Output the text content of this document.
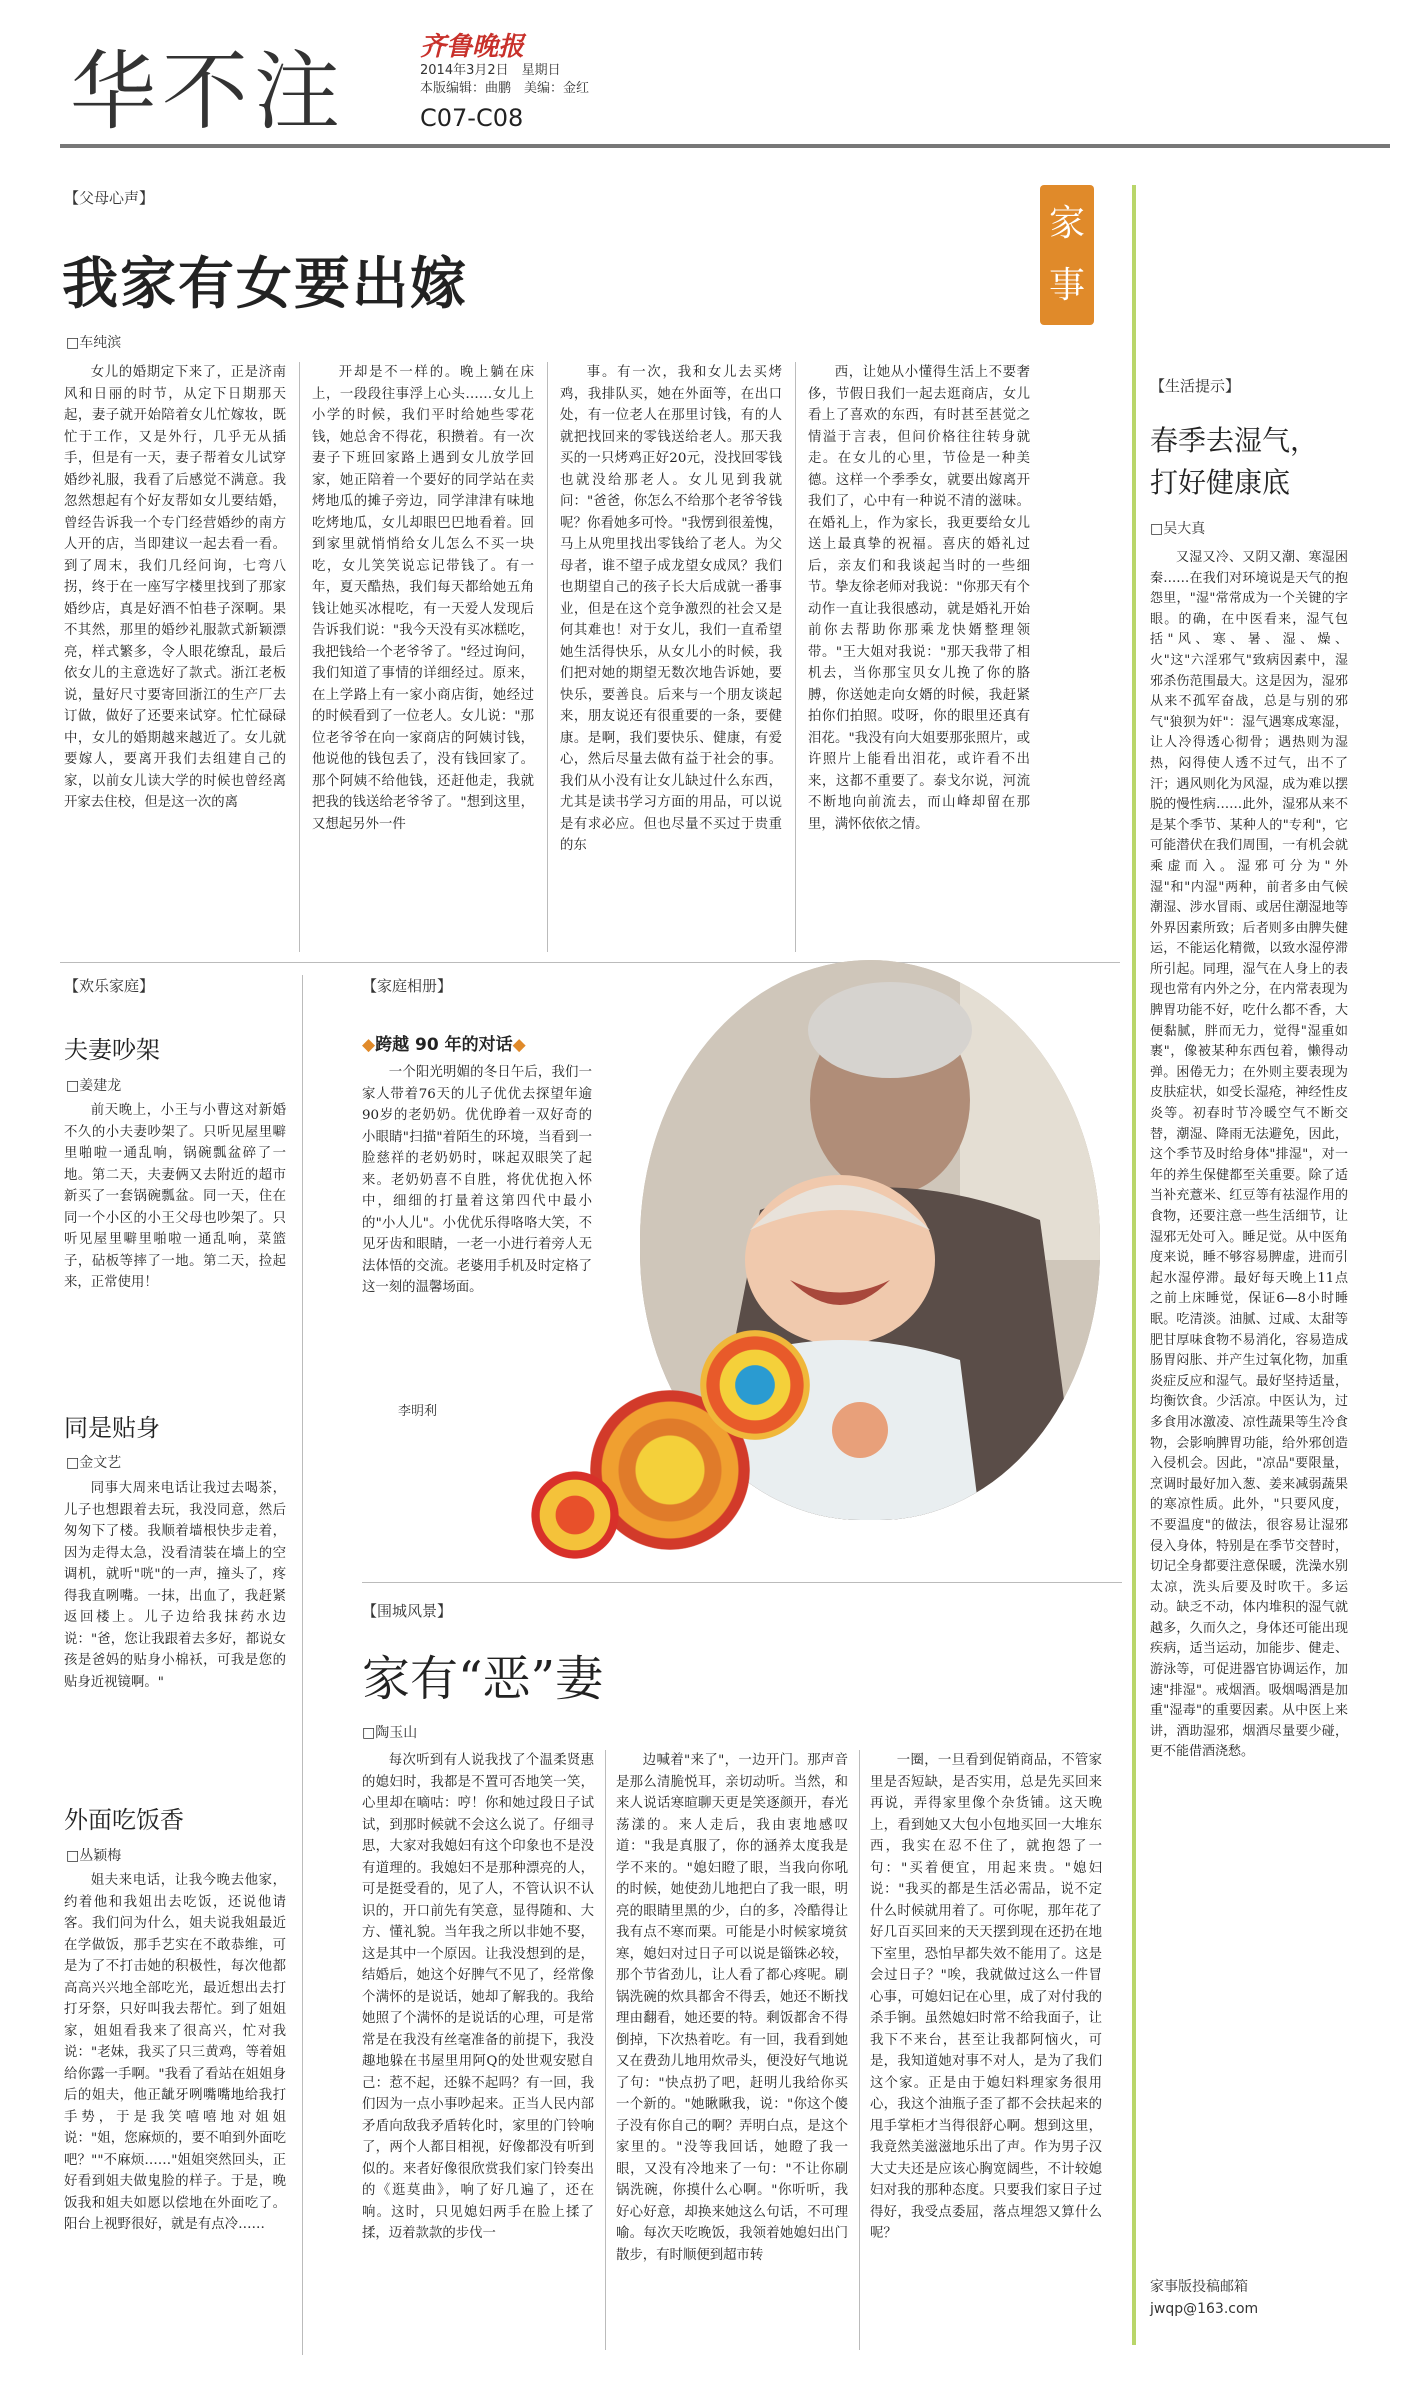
华不注	齐鲁晚报
2014年3月2日　星期日
本版编辑：曲鹏　美编：金红
C07-C08
【父母心声】
我家有女要出嫁
□车纯滨
家事
女儿的婚期定下来了，正是济南风和日丽的时节，从定下日期那天起，妻子就开始陪着女儿忙嫁妆，既忙于工作，又是外行，几乎无从插手，但是有一天，妻子帮着女儿试穿婚纱礼服，我看了后感觉不满意。我忽然想起有个好友帮如女儿要结婚，曾经告诉我一个专门经营婚纱的南方人开的店，当即建议一起去看一看。到了周末，我们几经问询，七弯八拐，终于在一座写字楼里找到了那家婚纱店，真是好酒不怕巷子深啊。果不其然，那里的婚纱礼服款式新颖漂亮，样式繁多，令人眼花缭乱，最后依女儿的主意选好了款式。浙江老板说，量好尺寸要寄回浙江的生产厂去订做，做好了还要来试穿。忙忙碌碌中，女儿的婚期越来越近了。女儿就要嫁人，要离开我们去组建自己的家，以前女儿读大学的时候也曾经离开家去住校，但是这一次的离
开却是不一样的。晚上躺在床上，一段段往事浮上心头……女儿上小学的时候，我们平时给她些零花钱，她总舍不得花，积攒着。有一次妻子下班回家路上遇到女儿放学回家，她正陪着一个要好的同学站在卖烤地瓜的摊子旁边，同学津津有味地吃烤地瓜，女儿却眼巴巴地看着。回到家里就悄悄给女儿怎么不买一块吃，女儿笑笑说忘记带钱了。有一年，夏天酷热，我们每天都给她五角钱让她买冰棍吃，有一天爱人发现后告诉我们说："我今天没有买冰糕吃，我把钱给一个老爷爷了。"经过询问，我们知道了事情的详细经过。原来，在上学路上有一家小商店街，她经过的时候看到了一位老人。女儿说："那位老爷爷在向一家商店的阿姨讨钱，他说他的钱包丢了，没有钱回家了。那个阿姨不给他钱，还赶他走，我就把我的钱送给老爷爷了。"想到这里，又想起另外一件
事。有一次，我和女儿去买烤鸡，我排队买，她在外面等，在出口处，有一位老人在那里讨钱，有的人就把找回来的零钱送给老人。那天我买的一只烤鸡正好20元，没找回零钱也就没给那老人。女儿见到我就问："爸爸，你怎么不给那个老爷爷钱呢？你看她多可怜。"我愣到很羞愧，马上从兜里找出零钱给了老人。为父母者，谁不望子成龙望女成凤？我们也期望自己的孩子长大后成就一番事业，但是在这个竞争激烈的社会又是何其难也！对于女儿，我们一直希望她生活得快乐，从女儿小的时候，我们把对她的期望无数次地告诉她，要快乐，要善良。后来与一个朋友谈起来，朋友说还有很重要的一条，要健康。是啊，我们要快乐、健康，有爱心，然后尽量去做有益于社会的事。我们从小没有让女儿缺过什么东西，尤其是读书学习方面的用品，可以说是有求必应。但也尽量不买过于贵重的东
西，让她从小懂得生活上不要奢侈，节假日我们一起去逛商店，女儿看上了喜欢的东西，有时甚至甚觉之情溢于言表，但问价格往往转身就走。在女儿的心里，节俭是一种美德。这样一个季季女，就要出嫁离开我们了，心中有一种说不清的滋味。在婚礼上，作为家长，我更要给女儿送上最真挚的祝福。喜庆的婚礼过后，亲友们和我谈起当时的一些细节。挚友徐老师对我说："你那天有个动作一直让我很感动，就是婚礼开始前你去帮助你那乘龙快婿整理领带。"王大姐对我说："那天我带了相机去，当你那宝贝女儿挽了你的胳膊，你送她走向女婿的时候，我赶紧拍你们拍照。哎呀，你的眼里还真有泪花。"我没有向大姐要那张照片，或许照片上能看出泪花，或许看不出来，这都不重要了。泰戈尔说，河流不断地向前流去，而山峰却留在那里，满怀依依之情。
【生活提示】
春季去湿气，
打好健康底
□吴大真
又湿又冷、又阴又潮、寒湿困秦……在我们对环境说是天气的抱怨里，"湿"常常成为一个关键的字眼。的确，在中医看来，湿气包括"风、寒、暑、湿、燥、火"这"六淫邪气"致病因素中，湿邪杀伤范围最大。这是因为，湿邪从来不孤军奋战，总是与别的邪气"狼狈为奸"：湿气遇寒成寒湿，让人冷得透心彻骨；遇热则为湿热，闷得使人透不过气，出不了汗；遇风则化为风湿，成为难以摆脱的慢性病……此外，湿邪从来不是某个季节、某种人的"专利"，它可能潜伏在我们周围，一有机会就乘虚而入。湿邪可分为"外湿"和"内湿"两种，前者多由气候潮湿、涉水冒雨、或居住潮湿地等外界因素所致；后者则多由脾失健运，不能运化精微，以致水湿停滞所引起。同理，湿气在人身上的表现也常有内外之分，在内常表现为脾胃功能不好，吃什么都不香，大便黏腻，胖而无力，觉得"湿重如裹"，像被某种东西包着，懒得动弹。困倦无力；在外则主要表现为皮肤症状，如受长湿疮，神经性皮炎等。初春时节冷暖空气不断交替，潮湿、降雨无法避免，因此，这个季节及时给身体"排湿"，对一年的养生保健都至关重要。除了适当补充薏米、红豆等有祛湿作用的食物，还要注意一些生活细节，让湿邪无处可入。睡足觉。从中医角度来说，睡不够容易脾虚，进而引起水湿停滞。最好每天晚上11点之前上床睡觉，保证6—8小时睡眠。吃清淡。油腻、过咸、太甜等肥甘厚味食物不易消化，容易造成肠胃闷胀、并产生过氧化物，加重炎症反应和湿气。最好坚持适量，均衡饮食。少活凉。中医认为，过多食用冰激凌、凉性蔬果等生冷食物，会影响脾胃功能，给外邪创造入侵机会。因此，"凉品"要限量，烹调时最好加入葱、姜来减弱蔬果的寒凉性质。此外，"只要风度，不要温度"的做法，很容易让湿邪侵入身体，特别是在季节交替时，切记全身都要注意保暖，洗澡水别太凉，洗头后要及时吹干。多运动。缺乏不动，体内堆积的湿气就越多，久而久之，身体还可能出现疾病，适当运动，加能步、健走、游泳等，可促进器官协调运作，加速"排湿"。戒烟酒。吸烟喝酒是加重"湿毒"的重要因素。从中医上来讲，酒助湿邪，烟酒尽量要少碰，更不能借酒浇愁。
家事版投稿邮箱
jwqp@163.com
【欢乐家庭】
夫妻吵架
□姜建龙
前天晚上，小王与小曹这对新婚不久的小夫妻吵架了。只听见屋里噼里啪啦一通乱响，锅碗瓢盆碎了一地。第二天，夫妻俩又去附近的超市新买了一套锅碗瓢盆。同一天，住在同一个小区的小王父母也吵架了。只听见屋里噼里啪啦一通乱响，菜篮子，砧板等摔了一地。第二天，捡起来，正常使用！
同是贴身
□金文艺
同事大周来电话让我过去喝茶，儿子也想跟着去玩，我没同意，然后匆匆下了楼。我顺着墙根快步走着，因为走得太急，没看清装在墙上的空调机，就听"咣"的一声，撞头了，疼得我直咧嘴。一抹，出血了，我赶紧返回楼上。儿子边给我抹药水边说："爸，您让我跟着去多好，都说女孩是爸妈的贴身小棉袄，可我是您的贴身近视镜啊。"
外面吃饭香
□丛颖梅
姐夫来电话，让我今晚去他家，约着他和我姐出去吃饭，还说他请客。我们问为什么，姐夫说我姐最近在学做饭，那手艺实在不敢恭维，可是为了不打击她的积极性，每次他都高高兴兴地全部吃光，最近想出去打打牙祭，只好叫我去帮忙。到了姐姐家，姐姐看我来了很高兴，忙对我说："老妹，我买了只三黄鸡，等着姐给你露一手啊。"我看了看站在姐姐身后的姐夫，他正龇牙咧嘴嘴地给我打手势，于是我笑嘻嘻地对姐姐说："姐，您麻烦的，要不咱到外面吃吧？""不麻烦……"姐姐突然回头，正好看到姐夫做鬼脸的样子。于是，晚饭我和姐夫如愿以偿地在外面吃了。阳台上视野很好，就是有点冷……
【家庭相册】
◆跨越 90 年的对话◆
一个阳光明媚的冬日午后，我们一家人带着76天的儿子优优去探望年逾90岁的老奶奶。优优睁着一双好奇的小眼睛"扫描"着陌生的环境，当看到一脸慈祥的老奶奶时，咪起双眼笑了起来。老奶奶喜不自胜，将优优抱入怀中，细细的打量着这第四代中最小的"小人儿"。小优优乐得咯咯大笑，不见牙齿和眼睛，一老一小进行着旁人无法体悟的交流。老婆用手机及时定格了这一刻的温馨场面。
李明利
【围城风景】
家有“恶”妻
□陶玉山
每次听到有人说我找了个温柔贤惠的媳妇时，我都是不置可否地笑一笑，心里却在嘀咕：哼！你和她过段日子试试，到那时候就不会这么说了。仔细寻思，大家对我媳妇有这个印象也不是没有道理的。我媳妇不是那种漂亮的人，可是挺受看的，见了人，不管认识不认识的，开口前先有笑意，显得随和、大方、懂礼貌。当年我之所以非她不娶，这是其中一个原因。让我没想到的是，结婚后，她这个好脾气不见了，经常像个满怀的是说话，她却了解我的。我给她照了个满怀的是说话的心理，可是常常是在我没有丝毫准备的前提下，我没趣地躲在书屋里用阿Q的处世观安慰自己：惹不起，还躲不起吗？有一回，我们因为一点小事吵起来。正当人民内部矛盾向敌我矛盾转化时，家里的门铃响了，两个人都目相视，好像都没有听到似的。来者好像很欣赏我们家门铃奏出的《逛莫曲》，响了好几遍了，还在响。这时，只见媳妇两手在脸上揉了揉，迈着款款的步伐一
边喊着"来了"，一边开门。那声音是那么清脆悦耳，亲切动听。当然，和来人说话寒暄聊天更是笑逐颜开，春光荡漾的。来人走后，我由衷地感叹道："我是真服了，你的涵养太度我是学不来的。"媳妇瞪了眼，当我向你吼的时候，她使劲儿地把白了我一眼，明亮的眼睛里黑的少，白的多，冷酷得让我有点不寒而栗。可能是小时候家境贫寒，媳妇对过日子可以说是锱铢必较，那个节省劲儿，让人看了都心疼呢。刷锅洗碗的炊具都舍不得丢，她还不断找理由翻看，她还要的特。剩饭都舍不得倒掉，下次热着吃。有一回，我看到她又在费劲儿地用炊帚头，便没好气地说了句："快点扔了吧，赶明儿我给你买一个新的。"她瞅瞅我，说："你这个傻子没有你自己的啊？弄明白点，是这个家里的。"没等我回话，她瞪了我一眼，又没有冷地来了一句："不让你刷锅洗碗，你摸什么心啊。"你听听，我好心好意，却换来她这么句话，不可理喻。每次天吃晚饭，我领着她媳妇出门散步，有时顺便到超市转
一圈，一旦看到促销商品，不管家里是否短缺，是否实用，总是先买回来再说，弄得家里像个杂货铺。这天晚上，看到她又大包小包地买回一大堆东西，我实在忍不住了，就抱怨了一句："买着便宜，用起来贵。"媳妇说："我买的都是生活必需品，说不定什么时候就用着了。可你呢，那年花了好几百买回来的天天摆到现在还扔在地下室里，恐怕早都失效不能用了。这是会过日子？"唉，我就做过这么一件冒心事，可媳妇记在心里，成了对付我的杀手锏。虽然媳妇时常不给我面子，让我下不来台，甚至让我都阿恼火，可是，我知道她对事不对人，是为了我们这个家。正是由于媳妇料理家务很用心，我这个油瓶子歪了都不会扶起来的甩手掌柜才当得很舒心啊。想到这里，我竟然美滋滋地乐出了声。作为男子汉大丈夫还是应该心胸宽阔些，不计较媳妇对我的那种态度。只要我们家日子过得好，我受点委屈，落点埋怨又算什么呢？
